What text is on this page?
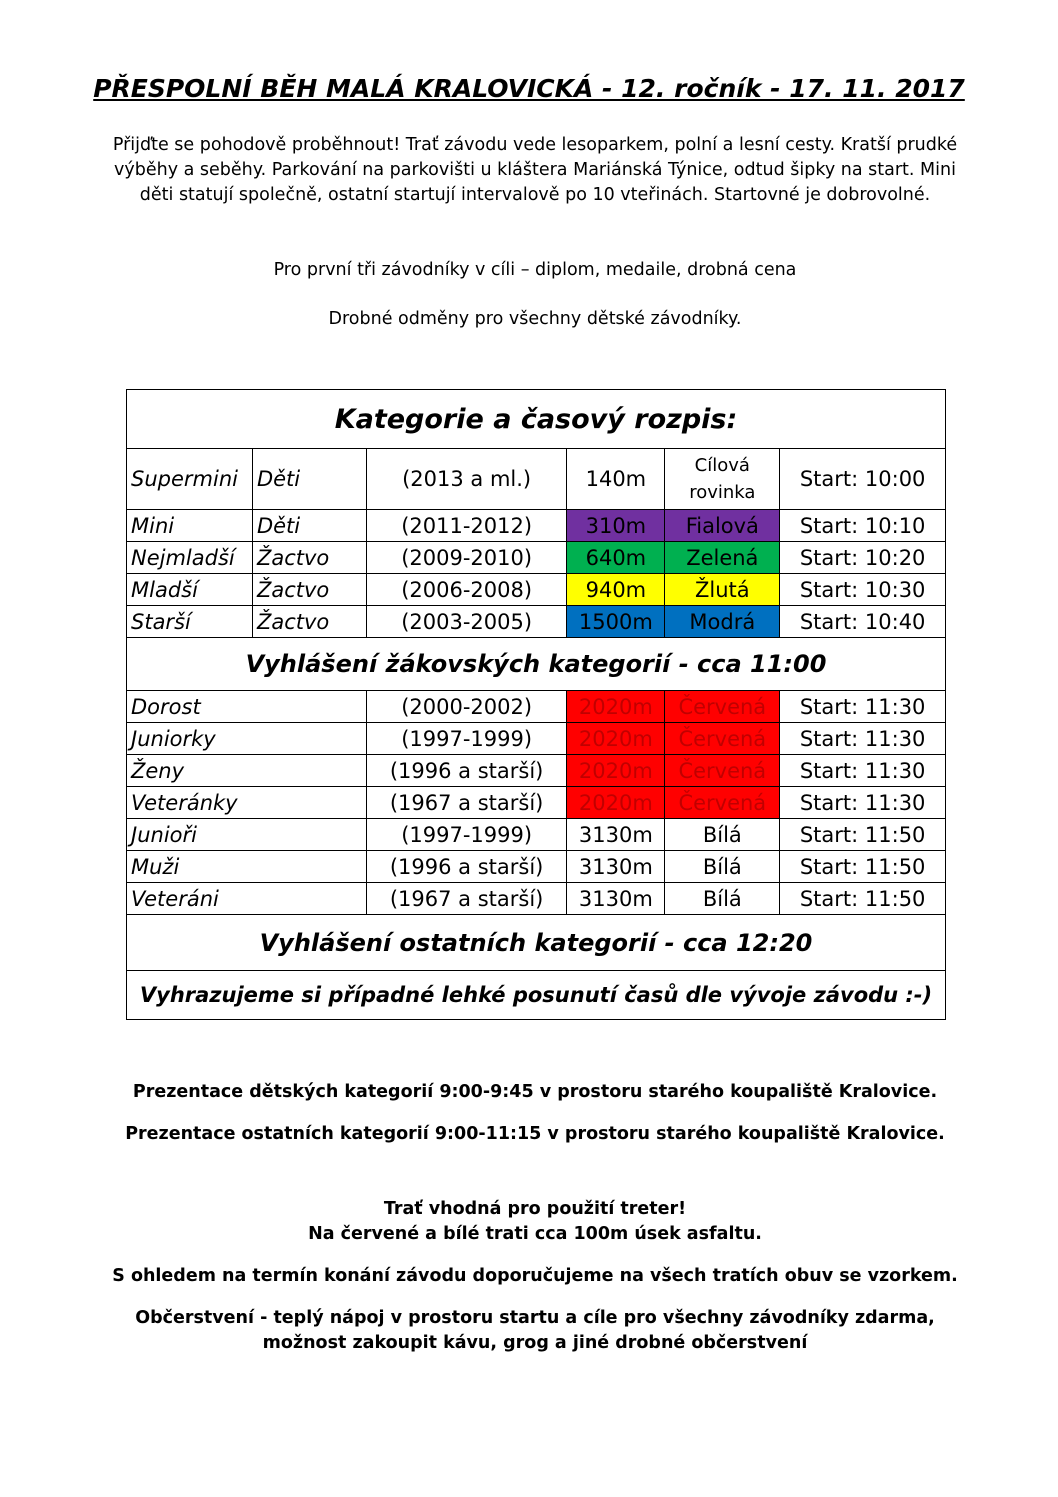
PŘESPOLNÍ BĚH MALÁ KRALOVICKÁ - 12. ročník - 17. 11. 2017
Přijďte se pohodově proběhnout! Trať závodu vede lesoparkem, polní a lesní cesty. Kratší prudké výběhy a seběhy. Parkování na parkovišti u kláštera Mariánská Týnice, odtud šipky na start. Mini děti statují společně, ostatní startují intervalově po 10 vteřinách. Startovné je dobrovolné.
Pro první tři závodníky v cíli – diplom, medaile, drobná cena
Drobné odměny pro všechny dětské závodníky.
Kategorie a časový rozpis:					
Supermini	Děti	(2013 a ml.)	140m	Cílová rovinka	Start: 10:00
Mini	Děti	(2011-2012)	310m	Fialová	Start: 10:10
Nejmladší	Žactvo	(2009-2010)	640m	Zelená	Start: 10:20
Mladší	Žactvo	(2006-2008)	940m	Žlutá	Start: 10:30
Starší	Žactvo	(2003-2005)	1500m	Modrá	Start: 10:40
Vyhlášení žákovských kategorií - cca 11:00					
Dorost		(2000-2002)	2020m	Červená	Start: 11:30
Juniorky		(1997-1999)	2020m	Červená	Start: 11:30
Ženy		(1996 a starší)	2020m	Červená	Start: 11:30
Veteránky		(1967 a starší)	2020m	Červená	Start: 11:30
Junioři		(1997-1999)	3130m	Bílá	Start: 11:50
Muži		(1996 a starší)	3130m	Bílá	Start: 11:50
Veteráni		(1967 a starší)	3130m	Bílá	Start: 11:50
Vyhlášení ostatních kategorií - cca 12:20					
Vyhrazujeme si případné lehké posunutí časů dle vývoje závodu :-)					
Prezentace dětských kategorií 9:00-9:45 v prostoru starého koupaliště Kralovice.
Prezentace ostatních kategorií 9:00-11:15 v prostoru starého koupaliště Kralovice.
Trať vhodná pro použití treter!
Na červené a bílé trati cca 100m úsek asfaltu.
S ohledem na termín konání závodu doporučujeme na všech tratích obuv se vzorkem.
Občerstvení - teplý nápoj v prostoru startu a cíle pro všechny závodníky zdarma,
možnost zakoupit kávu, grog a jiné drobné občerstvení
